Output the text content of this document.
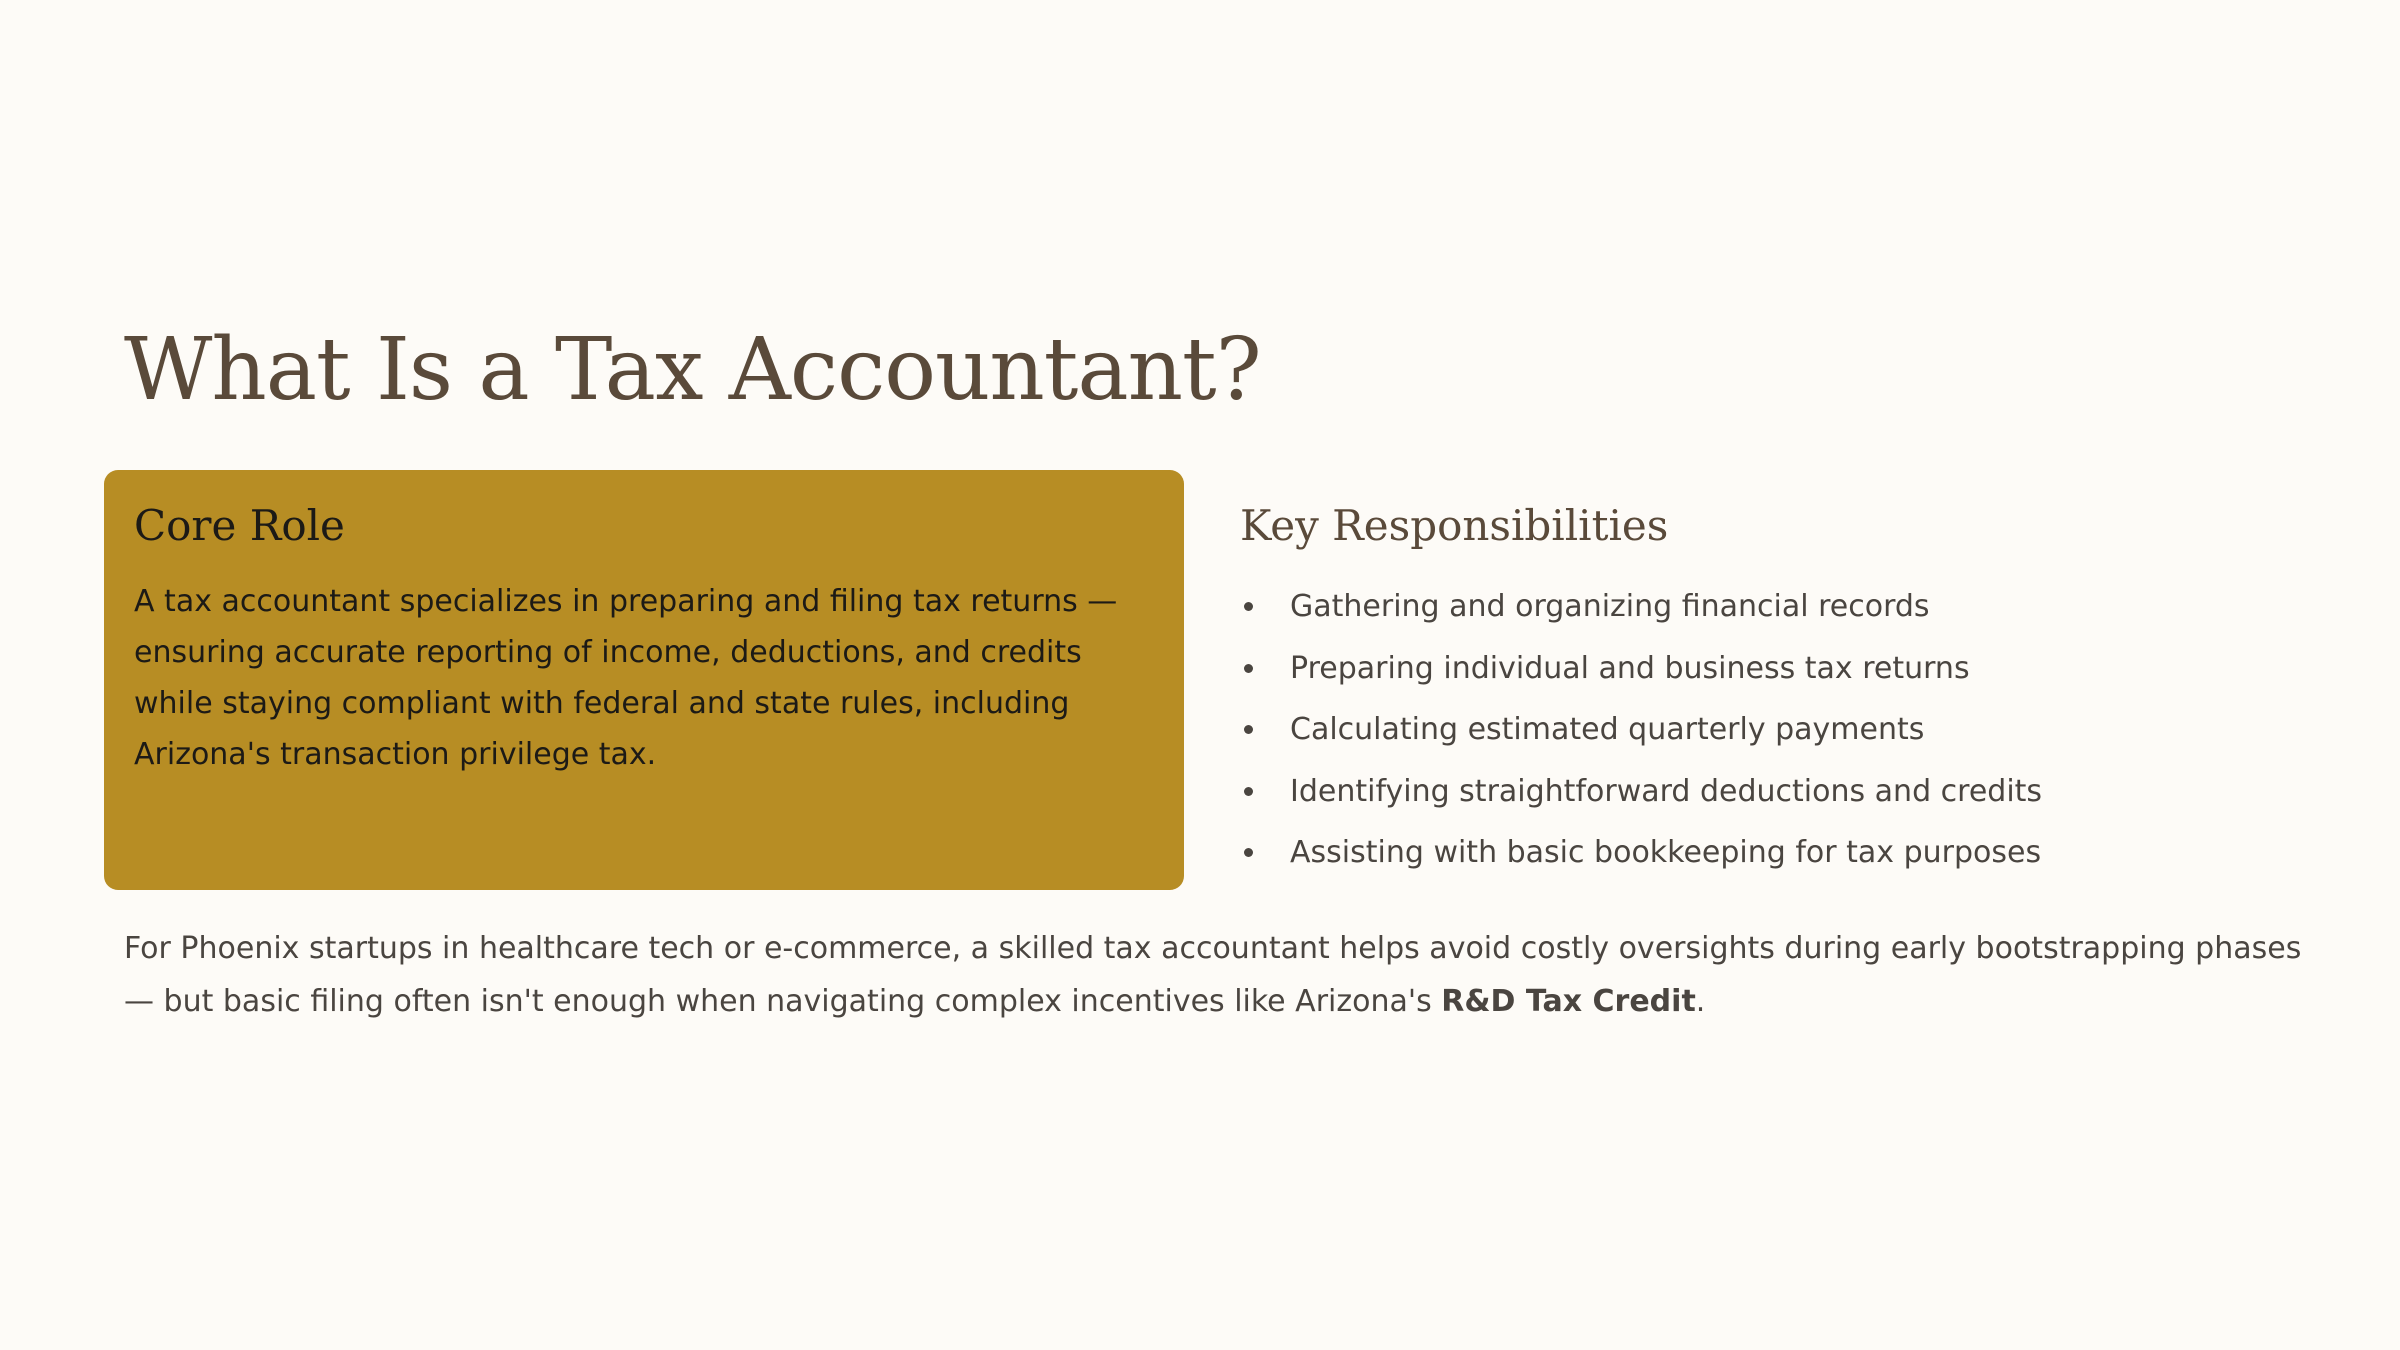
What Is a Tax Accountant?
Core Role

A tax accountant specializes in preparing and filing tax returns — ensuring accurate reporting of income, deductions, and credits while staying compliant with federal and state rules, including Arizona's transaction privilege tax.

Key Responsibilities
Gathering and organizing financial records
Preparing individual and business tax returns
Calculating estimated quarterly payments
Identifying straightforward deductions and credits
Assisting with basic bookkeeping for tax purposes

For Phoenix startups in healthcare tech or e-commerce, a skilled tax accountant helps avoid costly oversights during early bootstrapping phases — but basic filing often isn't enough when navigating complex incentives like Arizona's R&D Tax Credit.
